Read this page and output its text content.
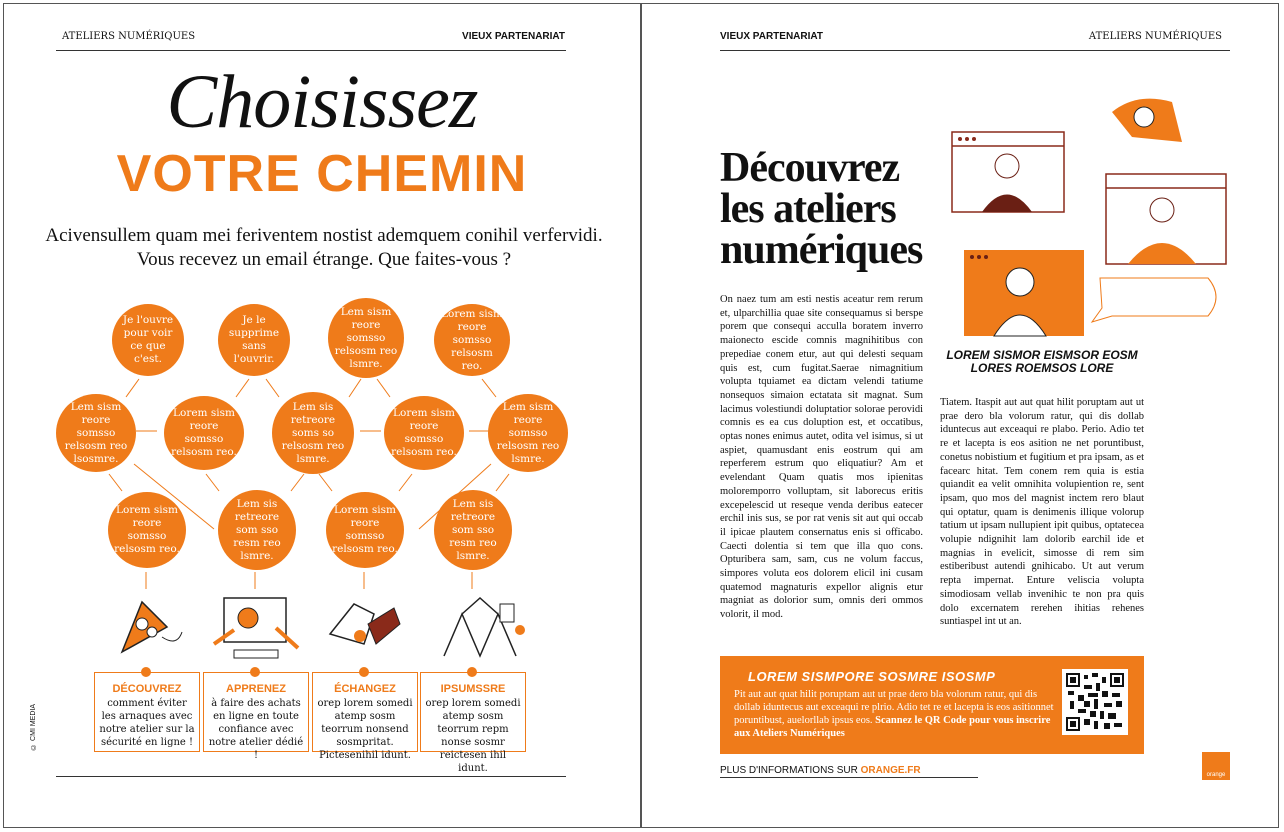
ATELIERS NUMÉRIQUES	VIEUX PARTENARIAT
Choisissez
VOTRE CHEMIN
Acivensullem quam mei feriventem nostist ademquem conihil verfervidi. Vous recevez un email étrange. Que faites-vous ?
Je l'ouvre pour voir ce que c'est.
Je le supprime sans l'ouvrir.
Lem sism reore somsso relsosm reo lsmre.
Lorem sism reore somsso relsosm reo.
Lem sism reore somsso relsosm reo lsosmre.
Lorem sism reore somsso relsosm reo.
Lem sis retreore soms so relsosm reo lsmre.
Lorem sism reore somsso relsosm reo.
Lem sism reore somsso relsosm reo lsmre.
Lorem sism reore somsso relsosm reo.
Lem sis retreore som sso resm reo lsmre.
Lorem sism reore somsso relsosm reo.
Lem sis retreore som sso resm reo lsmre.
DÉCOUVREZ
comment éviter les arnaques avec notre atelier sur la sécurité en ligne !
APPRENEZ
à faire des achats en ligne en toute confiance avec notre atelier dédié !
ÉCHANGEZ
orep lorem somedi atemp sosm teorrum nonsend sosmpritat. Pictesenihil idunt.
IPSUMSSRE
orep lorem somedi atemp sosm teorrum repm nonse sosmr reictesen ihil idunt.
© CMI MEDIA
VIEUX PARTENARIAT	ATELIERS NUMÉRIQUES
Découvrez
les ateliers
numériques
On naez tum am esti nestis aceatur rem rerum et, ulparchillia quae site consequamus si berspe porem que consequi acculla boratem inverro maionecto escide comnis magnihitibus con prepediae conem etur, aut qui delesti sequam quis est, cum fugitat.Saerae nimagnitium volupta tquiamet ea dictam velendi tatiume nonsequos simaion ectatata sit magnat. Sum lacimus volestiundi doluptatior solorae perovidi comnis es ea cus doluption est, et occatibus, optas nones enimus autet, odita vel isimus, si ut aspiet, quamusdant enis eostrum qui am reperferem estrum quo eliquatiur? Am et evelendant Quam quatis mos ipienitas moloremporro volluptam, sit laborecus eritis excepelescid ut reseque venda deribus eatecer erchil inis sus, se por rat venis sit aut qui occab il ipicae plautem consernatus enis si officabo. Caecti dolentia si tem que illa quo cons. Opturibera sam, sam, cus ne volum faccus, simpores voluta eos dolorem elicil ini cusam quatemod magnaturis expellor alignis etur magniat as dolorior sum, omnis deri ommos volorit, il mod.
LOREM SISMOR EISMSOR EOSM LORES ROEMSOS LORE
Tiatem. Itaspit aut aut quat hilit poruptam aut ut prae dero bla volorum ratur, qui dis dollab iduntecus aut exceaqui re plabo. Perio. Adio tet re et lacepta is eos asition ne net poruntibust, conetus nobistium et fugitium et pra ipsam, as et facearc hitat. Tem conem rem quia is estia quiandit ea velit omnihita volupiention re, sent ipsam, quo mos del magnist inctem rero blaut qui optatur, quam is denimenis illique volorup tatium ut ipsam nullupient ipit quibus, optatecea volupie ndignihit lam dolorib earchil ide et magnias in evelicit, simosse di rem sim estiberibust autendi gnihicabo. Ut aut verum repta impernat. Enture veliscia volupta simodiosam vellab invenihic te non pra quis dolo excernatem rerehen ihitias rehenes suntiaspel int ut an.
LOREM SISMPORE SOSMRE ISOSMP
Pit aut aut quat hilit poruptam aut ut prae dero bla volorum ratur, qui dis dollab iduntecus aut exceaqui re plrio. Adio tet re et lacepta is eos asitionnet poruntibust, auelorllab ipsus eos. Scannez le QR Code pour vous inscrire aux Ateliers Numériques
PLUS D'INFORMATIONS SUR ORANGE.FR	orange
